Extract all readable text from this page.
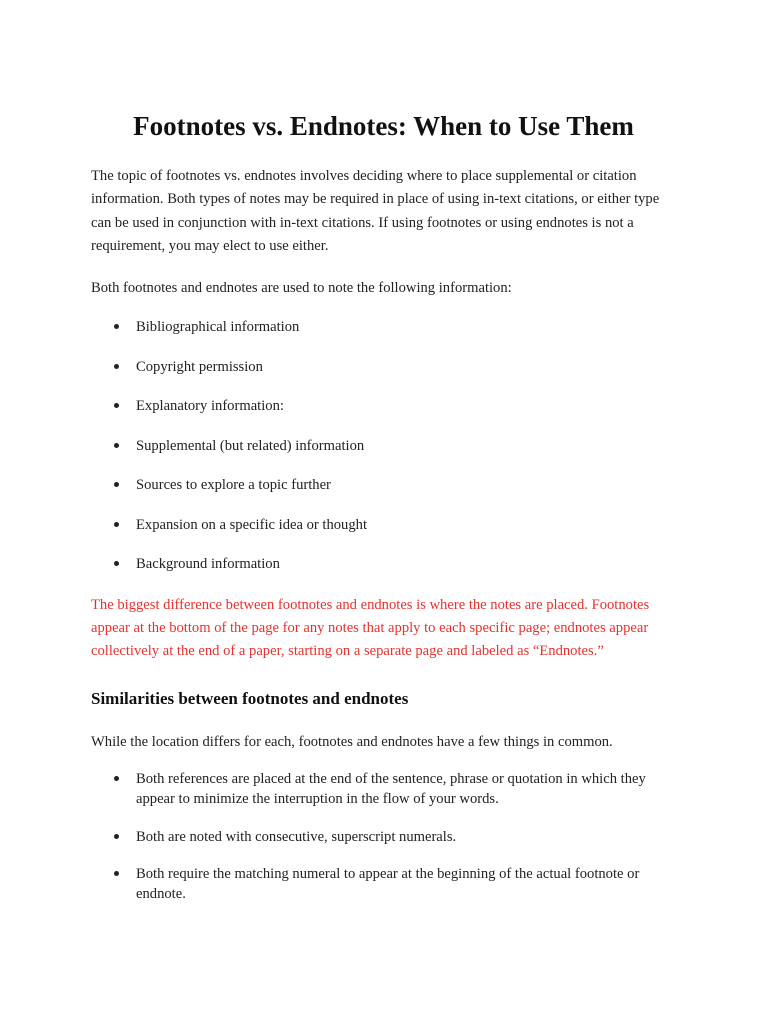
Footnotes vs. Endnotes: When to Use Them

The topic of footnotes vs. endnotes involves deciding where to place supplemental or citation information. Both types of notes may be required in place of using in-text citations, or either type can be used in conjunction with in-text citations. If using footnotes or using endnotes is not a requirement, you may elect to use either.

Both footnotes and endnotes are used to note the following information:

Bibliographical information
Copyright permission
Explanatory information:
Supplemental (but related) information
Sources to explore a topic further
Expansion on a specific idea or thought
Background information

The biggest difference between footnotes and endnotes is where the notes are placed. Footnotes appear at the bottom of the page for any notes that apply to each specific page; endnotes appear collectively at the end of a paper, starting on a separate page and labeled as “Endnotes.”

Similarities between footnotes and endnotes

While the location differs for each, footnotes and endnotes have a few things in common.

Both references are placed at the end of the sentence, phrase or quotation in which they appear to minimize the interruption in the flow of your words.
Both are noted with consecutive, superscript numerals.
Both require the matching numeral to appear at the beginning of the actual footnote or endnote.
